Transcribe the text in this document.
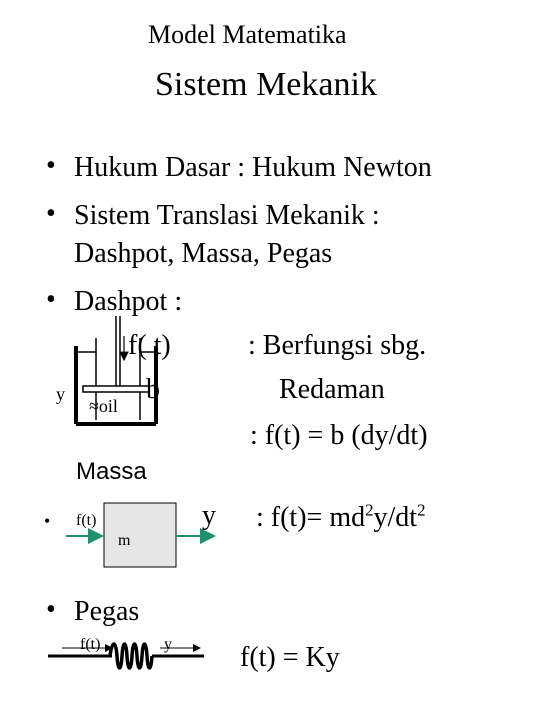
Model Matematika
Sistem Mekanik
• Hukum Dasar : Hukum Newton
• Sistem Translasi Mekanik :
Dashpot, Massa, Pegas
• Dashpot :
f( t)
b
y
≈oil
: Berfungsi sbg.
Redaman
: f(t) = b (dy/dt)
Massa
• f(t)
m
y : $f(t)= md^2y/dt^2$
• Pegas
f(t)	y f(t) = Ky
